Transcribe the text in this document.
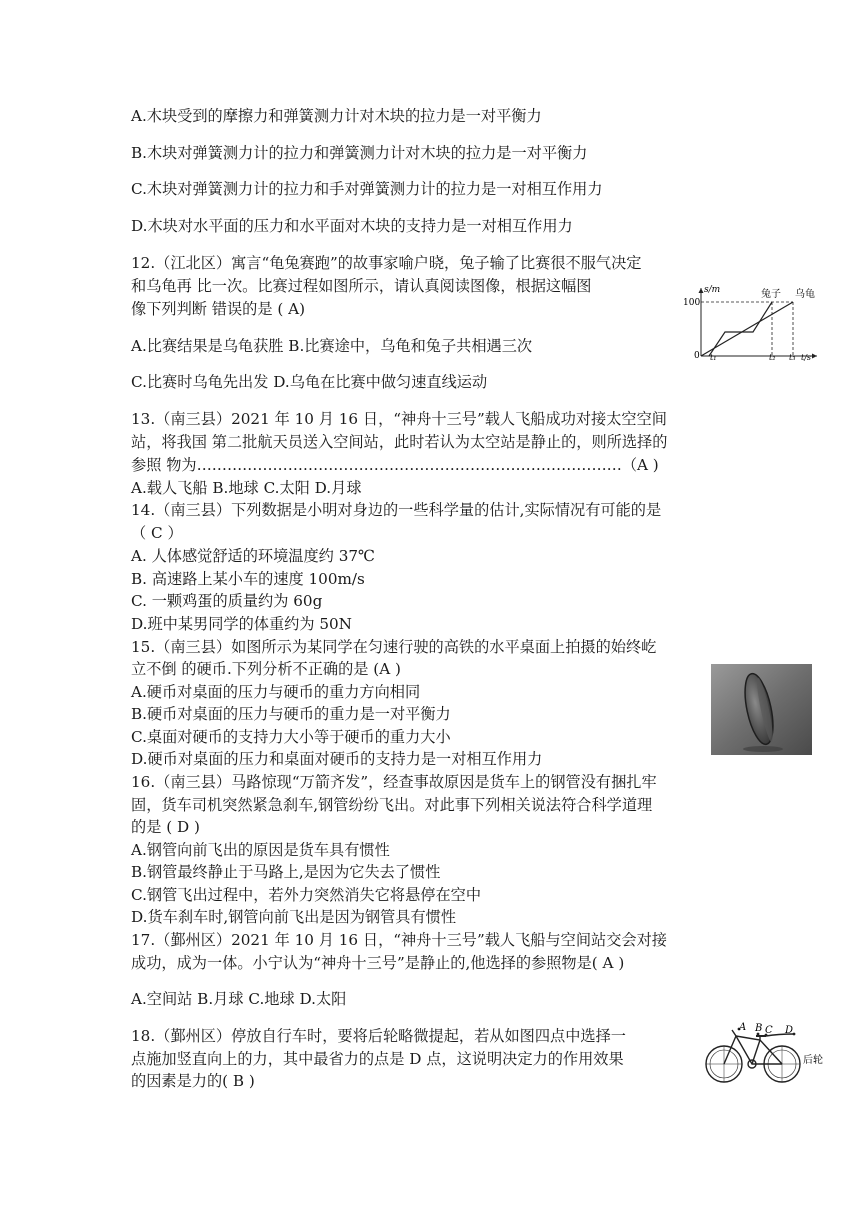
A.木块受到的摩擦力和弹簧测力计对木块的拉力是一对平衡力
B.木块对弹簧测力计的拉力和弹簧测力计对木块的拉力是一对平衡力
C.木块对弹簧测力计的拉力和手对弹簧测力计的拉力是一对相互作用力
D.木块对水平面的压力和水平面对木块的支持力是一对相互作用力
12.（江北区）寓言“龟兔赛跑”的故事家喻户晓，兔子输了比赛很不服气决定
和乌龟再 比一次。比赛过程如图所示，请认真阅读图像，根据这幅图
像下列判断 错误的是 ( A)
A.比赛结果是乌龟获胜 B.比赛途中，乌龟和兔子共相遇三次
C.比赛时乌龟先出发 D.乌龟在比赛中做匀速直线运动
s/m
100
兔子 乌龟
0 t₁	t₂ t₃ t/s
13.（南三县）2021 年 10 月 16 日，“神舟十三号”载人飞船成功对接太空空间
站，将我国 第二批航天员送入空间站，此时若认为太空站是静止的，则所选择的
参照 物为…………………………………………………………………………（A )
A.载人飞船 B.地球 C.太阳 D.月球
14.（南三县）下列数据是小明对身边的一些科学量的估计,实际情况有可能的是
（ C ）
A. 人体感觉舒适的环境温度约 37℃
B. 高速路上某小车的速度 100m/s
C. 一颗鸡蛋的质量约为 60g
D.班中某男同学的体重约为 50N
15.（南三县）如图所示为某同学在匀速行驶的高铁的水平桌面上拍摄的始终屹
立不倒 的硬币.下列分析不正确的是 (A )
A.硬币对桌面的压力与硬币的重力方向相同
B.硬币对桌面的压力与硬币的重力是一对平衡力
C.桌面对硬币的支持力大小等于硬币的重力大小
D.硬币对桌面的压力和桌面对硬币的支持力是一对相互作用力
16.（南三县）马路惊现“万箭齐发”，经查事故原因是货车上的钢管没有捆扎牢
固，货车司机突然紧急刹车,钢管纷纷飞出。对此事下列相关说法符合科学道理
的是 ( D )
A.钢管向前飞出的原因是货车具有惯性
B.钢管最终静止于马路上,是因为它失去了惯性
C.钢管飞出过程中，若外力突然消失它将悬停在空中
D.货车刹车时,钢管向前飞出是因为钢管具有惯性
17.（鄞州区）2021 年 10 月 16 日，“神舟十三号”载人飞船与空间站交会对接
成功，成为一体。小宁认为“神舟十三号”是静止的,他选择的参照物是( A )
A.空间站 B.月球 C.地球 D.太阳
18.（鄞州区）停放自行车时，要将后轮略微提起，若从如图四点中选择一
点施加竖直向上的力，其中最省力的点是 D 点，这说明决定力的作用效果
的因素是力的( B )
A B C D
后轮
